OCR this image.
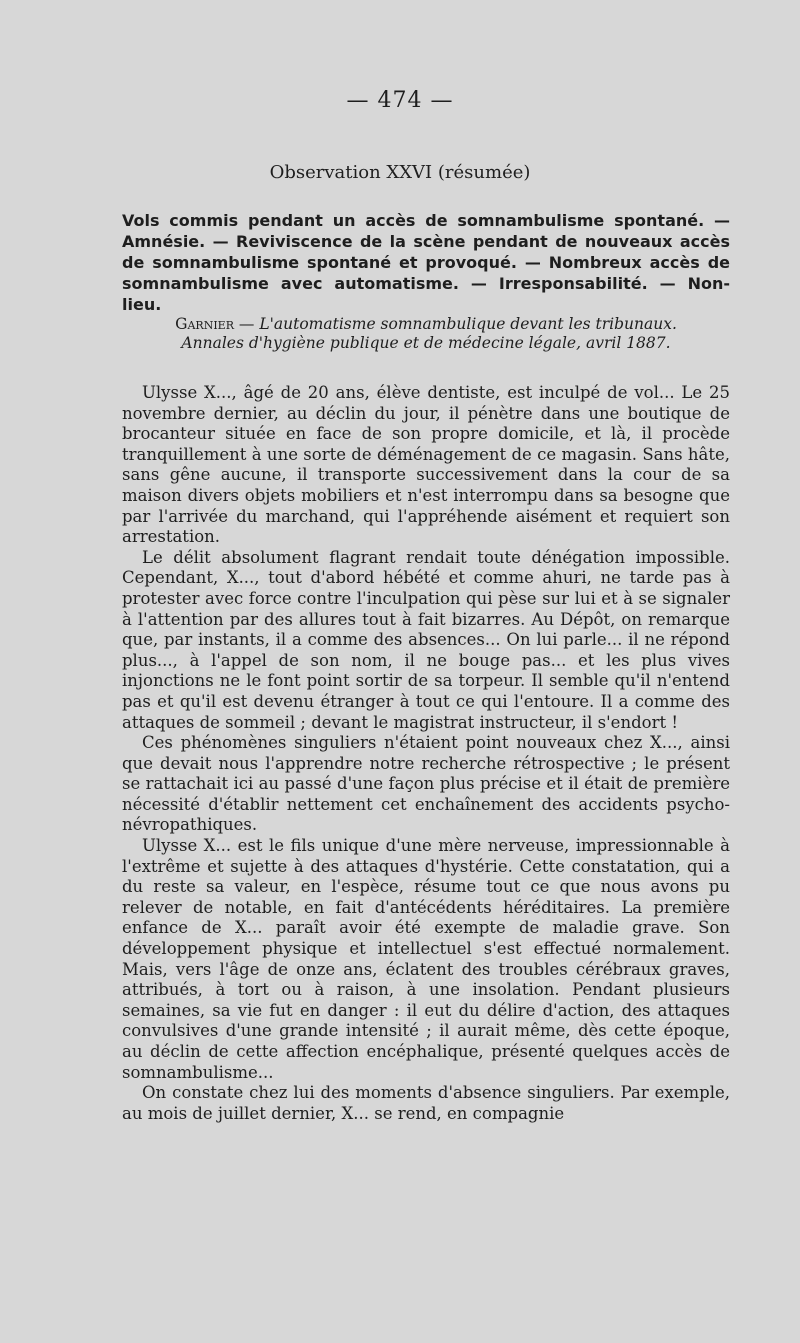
— 474 —
Observation XXVI (résumée)
Vols commis pendant un accès de somnambulisme spontané. — Amnésie. — Reviviscence de la scène pendant de nouveaux accès de somnambulisme spontané et provoqué. — Nombreux accès de somnambulisme avec automatisme. — Irresponsabilité. — Non-lieu.
Garnier — L'automatisme somnambulique devant les tribunaux.
Annales d'hygiène publique et de médecine légale, avril 1887.

Ulysse X..., âgé de 20 ans, élève dentiste, est inculpé de vol... Le 25 novembre dernier, au déclin du jour, il pénètre dans une boutique de brocanteur située en face de son propre domicile, et là, il procède tranquillement à une sorte de déménagement de ce magasin. Sans hâte, sans gêne aucune, il transporte successivement dans la cour de sa maison divers objets mobiliers et n'est interrompu dans sa besogne que par l'arrivée du marchand, qui l'appréhende aisément et requiert son arrestation.

Le délit absolument flagrant rendait toute dénégation impossible. Cependant, X..., tout d'abord hébété et comme ahuri, ne tarde pas à protester avec force contre l'inculpation qui pèse sur lui et à se signaler à l'attention par des allures tout à fait bizarres. Au Dépôt, on remarque que, par instants, il a comme des absences... On lui parle... il ne répond plus..., à l'appel de son nom, il ne bouge pas... et les plus vives injonctions ne le font point sortir de sa torpeur. Il semble qu'il n'entend pas et qu'il est devenu étranger à tout ce qui l'entoure. Il a comme des attaques de sommeil ; devant le magistrat instructeur, il s'endort !

Ces phénomènes singuliers n'étaient point nouveaux chez X..., ainsi que devait nous l'apprendre notre recherche rétrospective ; le présent se rattachait ici au passé d'une façon plus précise et il était de première nécessité d'établir nettement cet enchaînement des accidents psycho-névropathiques.

Ulysse X... est le fils unique d'une mère nerveuse, impressionnable à l'extrême et sujette à des attaques d'hystérie. Cette constatation, qui a du reste sa valeur, en l'espèce, résume tout ce que nous avons pu relever de notable, en fait d'antécédents héréditaires. La première enfance de X... paraît avoir été exempte de maladie grave. Son développement physique et intellectuel s'est effectué normalement. Mais, vers l'âge de onze ans, éclatent des troubles cérébraux graves, attribués, à tort ou à raison, à une insolation. Pendant plusieurs semaines, sa vie fut en danger : il eut du délire d'action, des attaques convulsives d'une grande intensité ; il aurait même, dès cette époque, au déclin de cette affection encéphalique, présenté quelques accès de somnambulisme...

On constate chez lui des moments d'absence singuliers. Par exemple, au mois de juillet dernier, X... se rend, en compagnie
